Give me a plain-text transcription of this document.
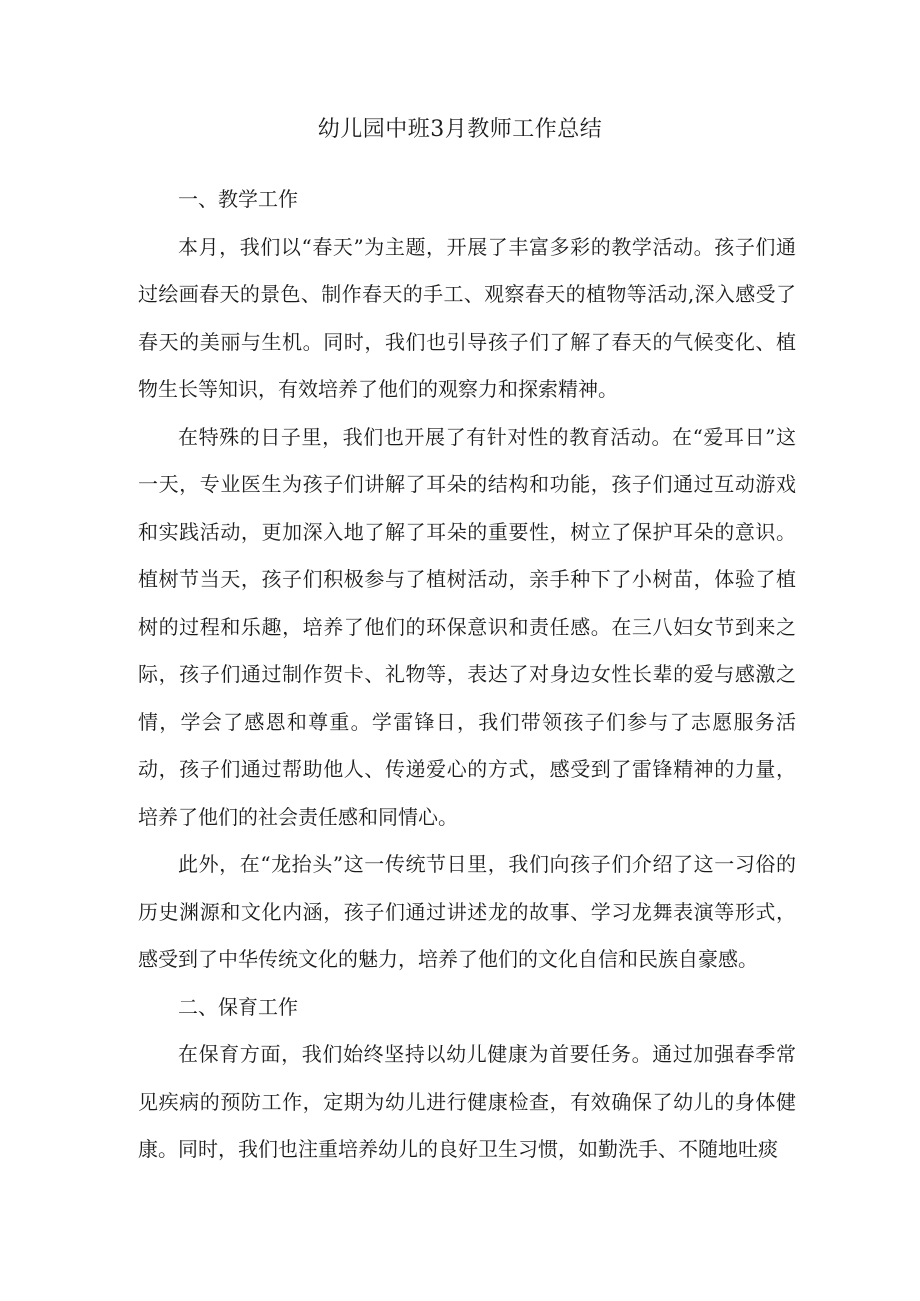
幼儿园中班3月教师工作总结

一、教学工作

本月，我们以“春天”为主题，开展了丰富多彩的教学活动。孩子们通过绘画春天的景色、制作春天的手工、观察春天的植物等活动,深入感受了春天的美丽与生机。同时，我们也引导孩子们了解了春天的气候变化、植物生长等知识，有效培养了他们的观察力和探索精神。

在特殊的日子里，我们也开展了有针对性的教育活动。在“爱耳日”这一天，专业医生为孩子们讲解了耳朵的结构和功能，孩子们通过互动游戏和实践活动，更加深入地了解了耳朵的重要性，树立了保护耳朵的意识。植树节当天，孩子们积极参与了植树活动，亲手种下了小树苗，体验了植树的过程和乐趣，培养了他们的环保意识和责任感。在三八妇女节到来之际，孩子们通过制作贺卡、礼物等，表达了对身边女性长辈的爱与感激之情，学会了感恩和尊重。学雷锋日，我们带领孩子们参与了志愿服务活动，孩子们通过帮助他人、传递爱心的方式，感受到了雷锋精神的力量，培养了他们的社会责任感和同情心。

此外，在“龙抬头”这一传统节日里，我们向孩子们介绍了这一习俗的历史渊源和文化内涵，孩子们通过讲述龙的故事、学习龙舞表演等形式，感受到了中华传统文化的魅力，培养了他们的文化自信和民族自豪感。

二、保育工作

在保育方面，我们始终坚持以幼儿健康为首要任务。通过加强春季常见疾病的预防工作，定期为幼儿进行健康检查，有效确保了幼儿的身体健康。同时，我们也注重培养幼儿的良好卫生习惯，如勤洗手、不随地吐痰
